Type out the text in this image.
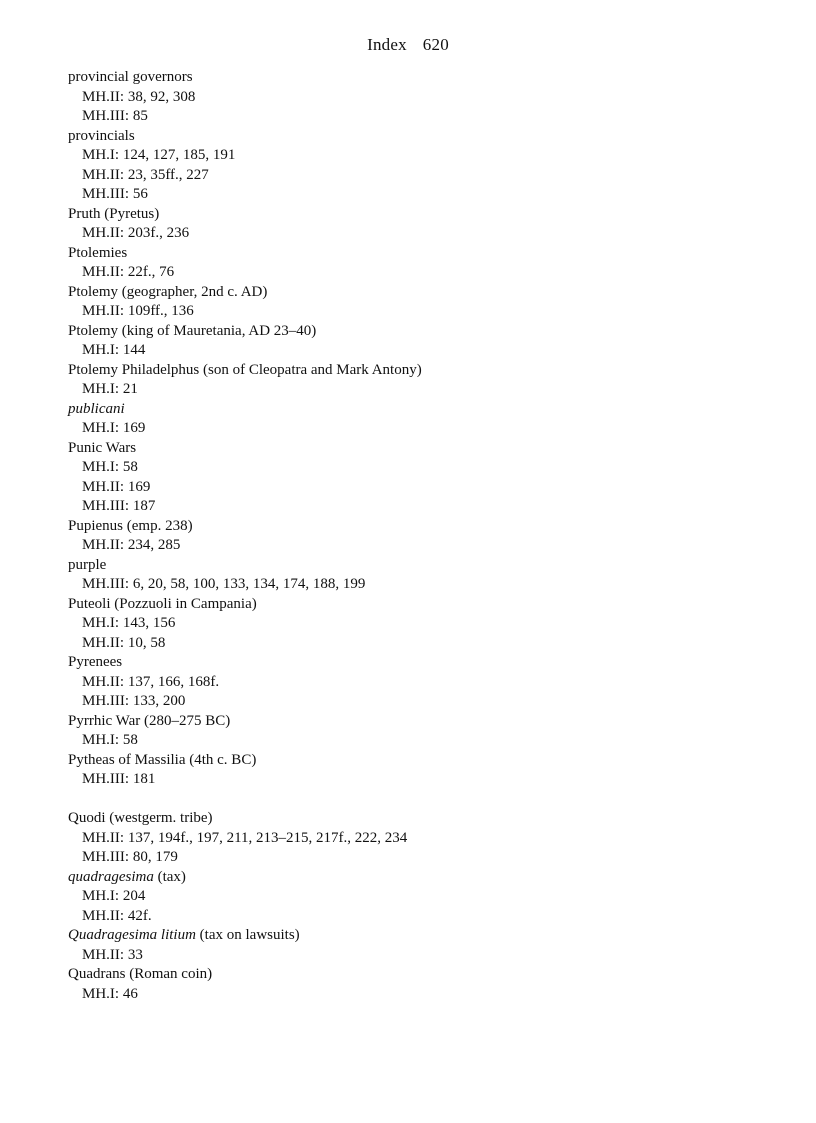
Index 620
provincial governors
MH.II: 38, 92, 308
MH.III: 85
provincials
MH.I: 124, 127, 185, 191
MH.II: 23, 35ff., 227
MH.III: 56
Pruth (Pyretus)
MH.II: 203f., 236
Ptolemies
MH.II: 22f., 76
Ptolemy (geographer, 2nd c. AD)
MH.II: 109ff., 136
Ptolemy (king of Mauretania, AD 23–40)
MH.I: 144
Ptolemy Philadelphus (son of Cleopatra and Mark Antony)
MH.I: 21
publicani
MH.I: 169
Punic Wars
MH.I: 58
MH.II: 169
MH.III: 187
Pupienus (emp. 238)
MH.II: 234, 285
purple
MH.III: 6, 20, 58, 100, 133, 134, 174, 188, 199
Puteoli (Pozzuoli in Campania)
MH.I: 143, 156
MH.II: 10, 58
Pyrenees
MH.II: 137, 166, 168f.
MH.III: 133, 200
Pyrrhic War (280–275 BC)
MH.I: 58
Pytheas of Massilia (4th c. BC)
MH.III: 181
Quodi (westgerm. tribe)
MH.II: 137, 194f., 197, 211, 213–215, 217f., 222, 234
MH.III: 80, 179
quadragesima (tax)
MH.I: 204
MH.II: 42f.
Quadragesima litium (tax on lawsuits)
MH.II: 33
Quadrans (Roman coin)
MH.I: 46
